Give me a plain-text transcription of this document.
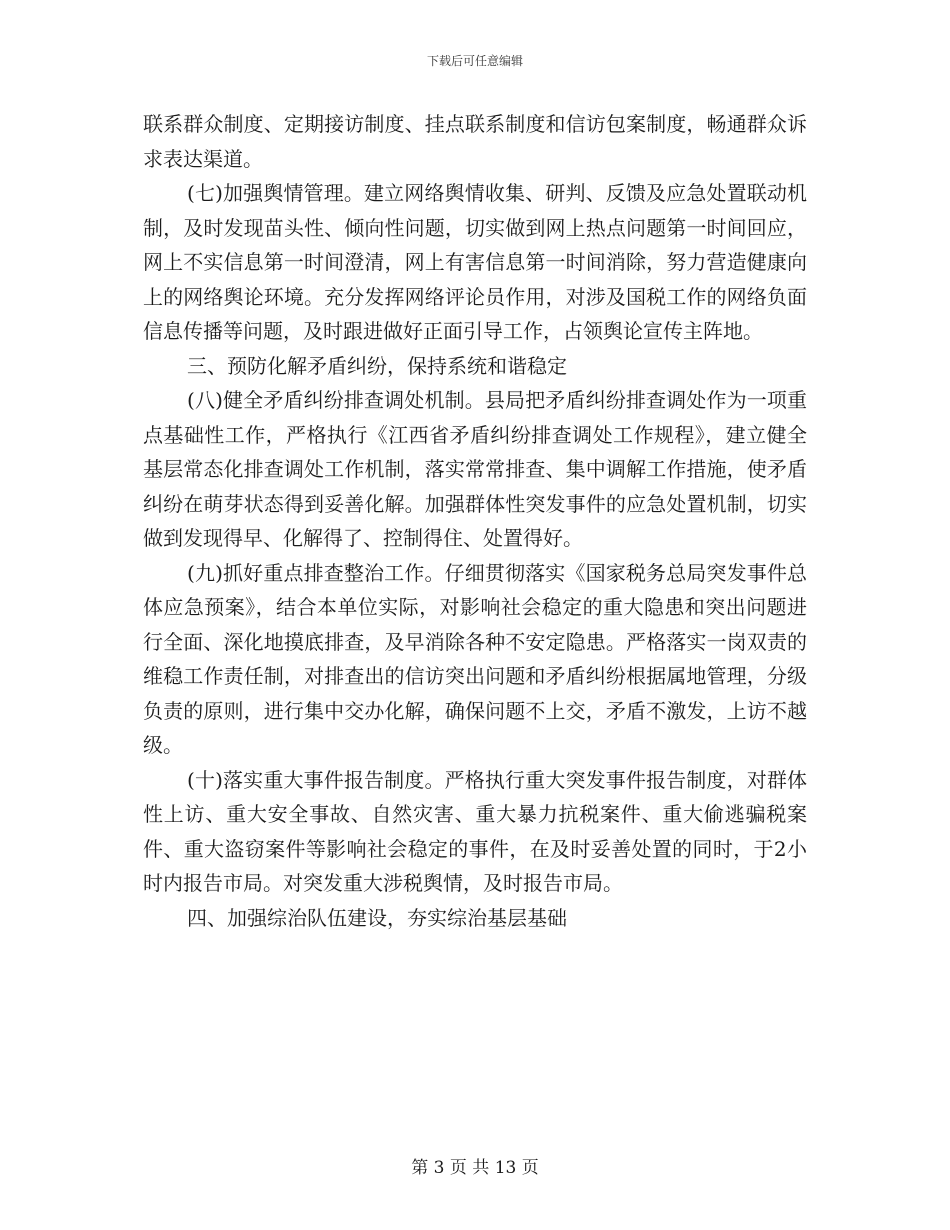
下载后可任意编辑

联系群众制度、定期接访制度、挂点联系制度和信访包案制度，畅通群众诉求表达渠道。

(七)加强舆情管理。建立网络舆情收集、研判、反馈及应急处置联动机制，及时发现苗头性、倾向性问题，切实做到网上热点问题第一时间回应，网上不实信息第一时间澄清，网上有害信息第一时间消除，努力营造健康向上的网络舆论环境。充分发挥网络评论员作用，对涉及国税工作的网络负面信息传播等问题，及时跟进做好正面引导工作，占领舆论宣传主阵地。

三、预防化解矛盾纠纷，保持系统和谐稳定

(八)健全矛盾纠纷排查调处机制。县局把矛盾纠纷排查调处作为一项重点基础性工作，严格执行《江西省矛盾纠纷排查调处工作规程》，建立健全基层常态化排查调处工作机制，落实常常排查、集中调解工作措施，使矛盾纠纷在萌芽状态得到妥善化解。加强群体性突发事件的应急处置机制，切实做到发现得早、化解得了、控制得住、处置得好。

(九)抓好重点排查整治工作。仔细贯彻落实《国家税务总局突发事件总体应急预案》，结合本单位实际，对影响社会稳定的重大隐患和突出问题进行全面、深化地摸底排查，及早消除各种不安定隐患。严格落实一岗双责的维稳工作责任制，对排查出的信访突出问题和矛盾纠纷根据属地管理，分级负责的原则，进行集中交办化解，确保问题不上交，矛盾不激发，上访不越级。

(十)落实重大事件报告制度。严格执行重大突发事件报告制度，对群体性上访、重大安全事故、自然灾害、重大暴力抗税案件、重大偷逃骗税案件、重大盗窃案件等影响社会稳定的事件，在及时妥善处置的同时，于2小时内报告市局。对突发重大涉税舆情，及时报告市局。

四、加强综治队伍建设，夯实综治基层基础

第 3 页 共 13 页
